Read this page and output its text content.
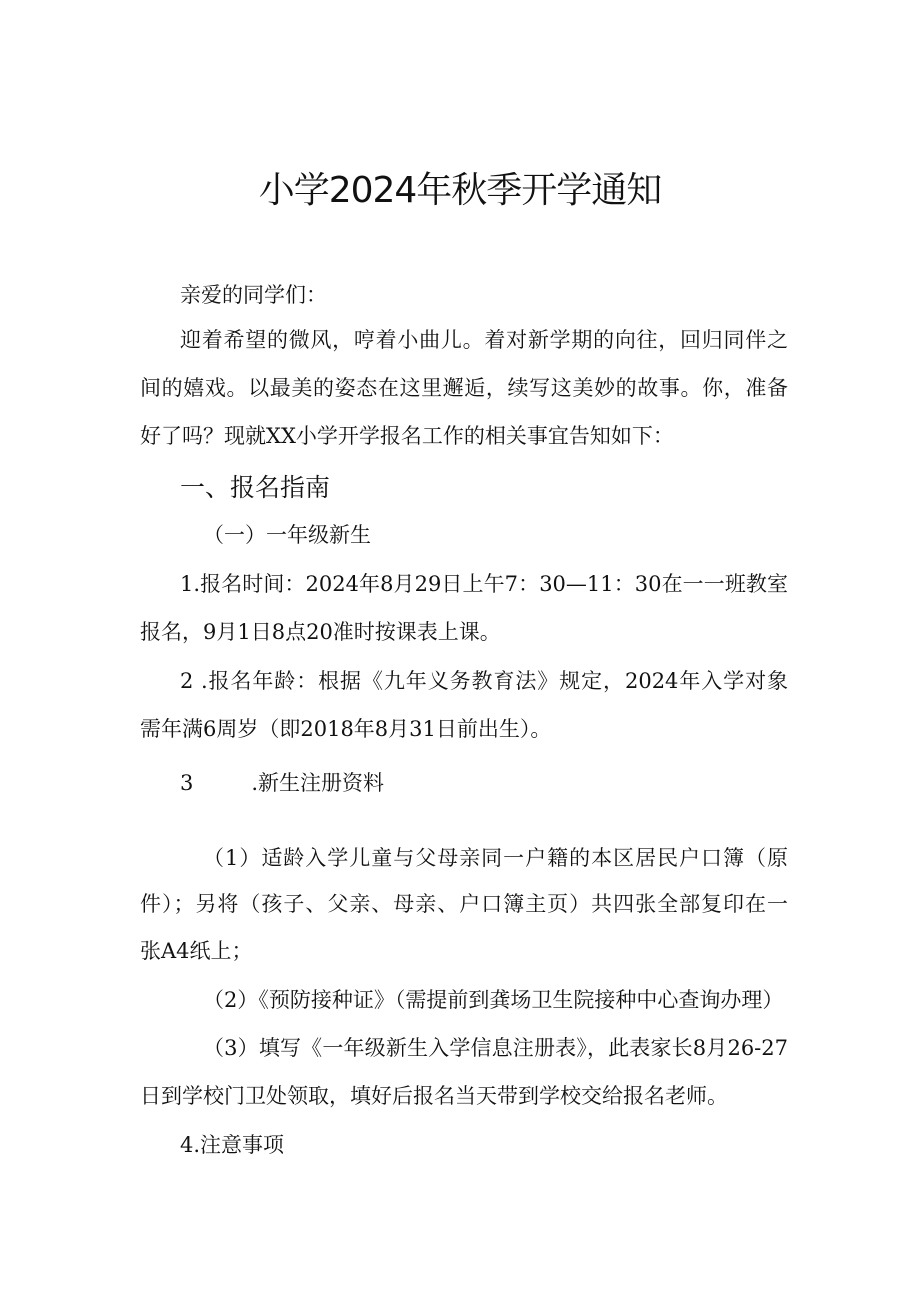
小学2024年秋季开学通知

亲爱的同学们：

迎着希望的微风，哼着小曲儿。着对新学期的向往，回归同伴之

间的嬉戏。以最美的姿态在这里邂逅，续写这美妙的故事。你，准备

好了吗？现就XX小学开学报名工作的相关事宜告知如下：

一、报名指南

（一）一年级新生

1.报名时间：2024年8月29日上午7：30—11：30在一一班教室

报名，9月1日8点20准时按课表上课。

2 .报名年龄：根据《九年义务教育法》规定，2024年入学对象

需年满6周岁（即2018年8月31日前出生）。

3	.新生注册资料

（1）适龄入学儿童与父母亲同一户籍的本区居民户口簿（原

件）；另将（孩子、父亲、母亲、户口簿主页）共四张全部复印在一

张A4纸上；

（2）《预防接种证》（需提前到龚场卫生院接种中心查询办理）

（3）填写《一年级新生入学信息注册表》，此表家长8月26-27

日到学校门卫处领取，填好后报名当天带到学校交给报名老师。

4.注意事项
